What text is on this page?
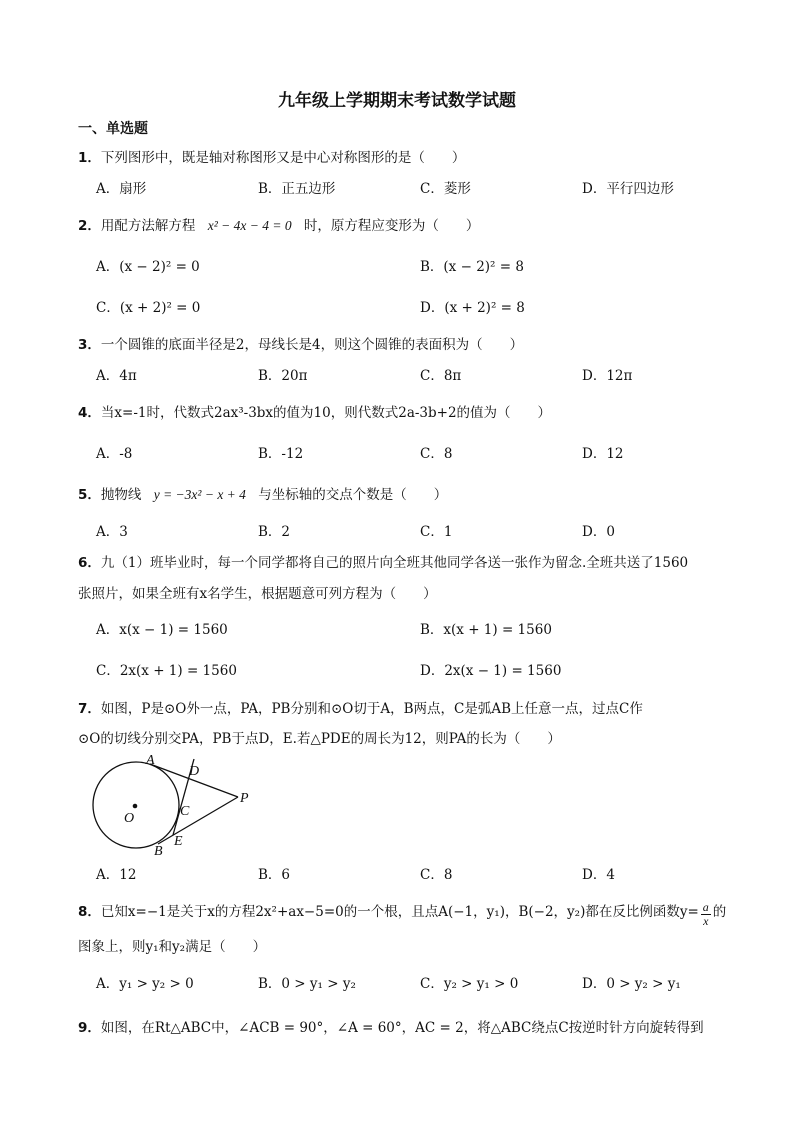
九年级上学期期末考试数学试题
一、单选题
1．下列图形中，既是轴对称图形又是中心对称图形的是（　　）
A．扇形	B．正五边形	C．菱形	D．平行四边形
2．用配方法解方程 x² − 4x − 4 = 0 时，原方程应变形为（　　）
A．(x − 2)² = 0	B．(x − 2)² = 8
C．(x + 2)² = 0	D．(x + 2)² = 8
3．一个圆锥的底面半径是2，母线长是4，则这个圆锥的表面积为（　　）
A．4π	B．20π	C．8π	D．12π
4．当x=-1时，代数式2ax³-3bx的值为10，则代数式2a-3b+2的值为（　　）
A．-8	B．-12	C．8	D．12
5．抛物线 y = −3x² − x + 4 与坐标轴的交点个数是（　　）
A．3	B．2	C．1	D．0
6．九（1）班毕业时，每一个同学都将自己的照片向全班其他同学各送一张作为留念.全班共送了1560
张照片，如果全班有x名学生，根据题意可列方程为（　　）
A．x(x − 1) = 1560	B．x(x + 1) = 1560
C．2x(x + 1) = 1560	D．2x(x − 1) = 1560
7．如图，P是⊙O外一点，PA，PB分别和⊙O切于A，B两点，C是弧AB上任意一点，过点C作
⊙O的切线分别交PA，PB于点D，E.若△PDE的周长为12，则PA的长为（　　）
A
D
C
P
O
E
B
A．12	B．6	C．8	D．4
8．已知x=−1是关于x的方程2x²+ax−5=0的一个根，且点A(−1，y₁)，B(−2，y₂)都在反比例函数$y= \frac{a}{x}$ 的
图象上，则y₁和y₂满足（　　）
A．y₁ > y₂ > 0	B．0 > y₁ > y₂	C．y₂ > y₁ > 0	D．0 > y₂ > y₁
9．如图，在Rt△ABC中，∠ACB = 90°，∠A = 60°，AC = 2，将△ABC绕点C按逆时针方向旋转得到
